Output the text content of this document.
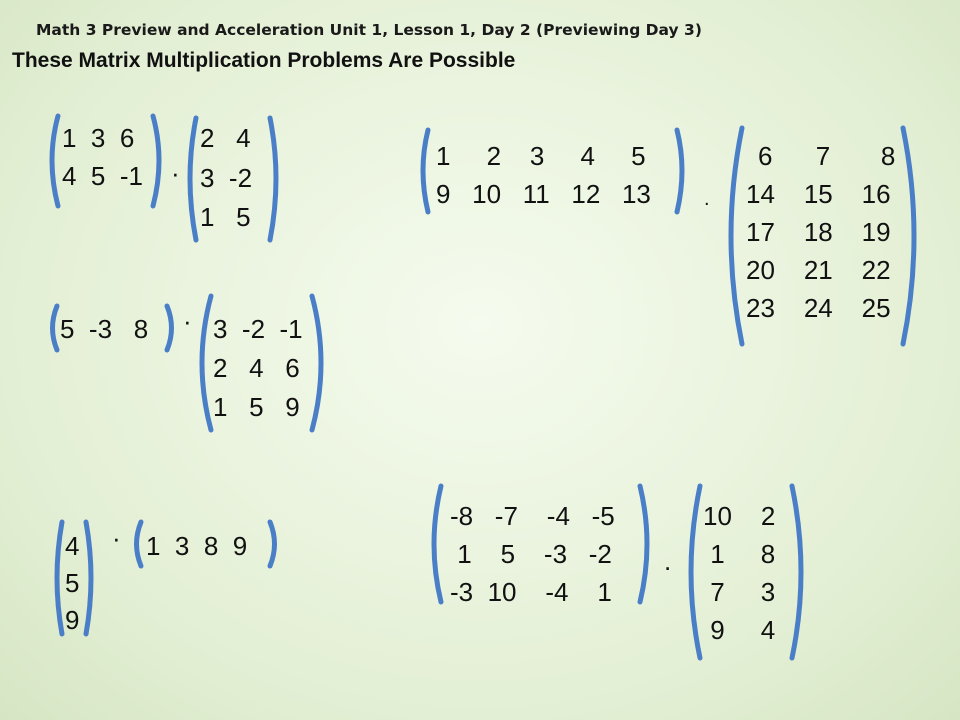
Math 3 Preview and Acceleration Unit 1, Lesson 1, Day 2 (Previewing Day 3)
These Matrix Multiplication Problems Are Possible
1  3  6
4  5  -1 ·
2   4
3  -2
1   5
5  -3   8 · 3  -2  -1
2   4   6
1   5   9
4
5
9
· 1  3  8  9
1     2    3     4     5
9   10   11   12   13	.
6      7       8
14    15    16
17    18    19
20    21    22
23    24    25
-8   -7    -4   -5
1    5    -3   -2
-3  10    -4    1
.
10    2
1     8
7     3
9     4
